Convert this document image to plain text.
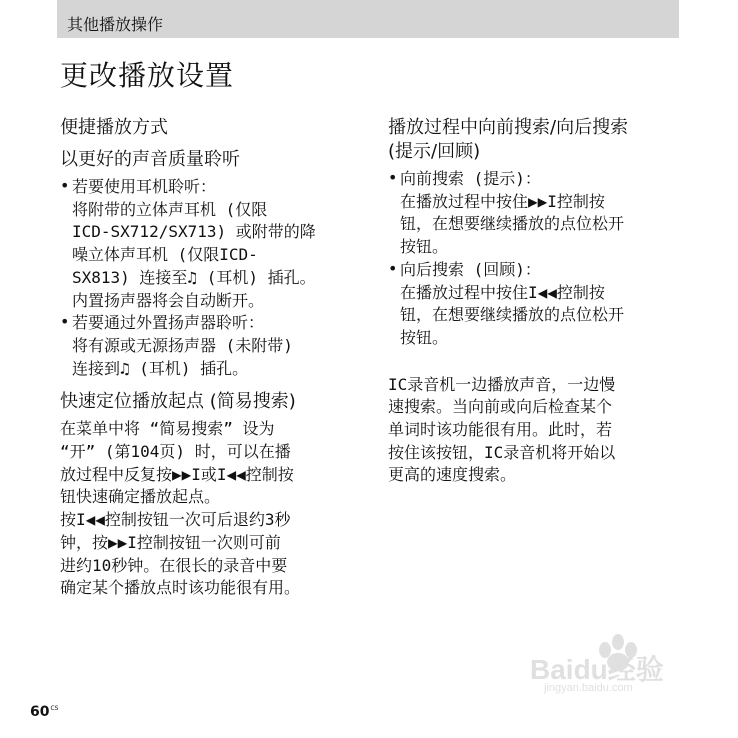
其他播放操作
更改播放设置
便捷播放方式
以更好的声音质量聆听

• 若要使用耳机聆听：

将附带的立体声耳机 (仅限

ICD-SX712/SX713) 或附带的降

噪立体声耳机 (仅限ICD-

SX813) 连接至♫ (耳机) 插孔。

内置扬声器将会自动断开。

• 若要通过外置扬声器聆听：

将有源或无源扬声器 (未附带)

连接到♫ (耳机) 插孔。

快速定位播放起点 (简易搜索)

在菜单中将 “简易搜索” 设为

“开” (第104页) 时，可以在播

放过程中反复按▶▶I或I◀◀控制按

钮快速确定播放起点。

按I◀◀控制按钮一次可后退约3秒

钟，按▶▶I控制按钮一次则可前

进约10秒钟。在很长的录音中要

确定某个播放点时该功能很有用。

播放过程中向前搜索/向后搜索
(提示/回顾)

• 向前搜索 (提示)：

在播放过程中按住▶▶I控制按

钮，在想要继续播放的点位松开

按钮。

• 向后搜索 (回顾)：

在播放过程中按住I◀◀控制按

钮，在想要继续播放的点位松开

按钮。

IC录音机一边播放声音，一边慢

速搜索。当向前或向后检查某个

单词时该功能很有用。此时，若

按住该按钮，IC录音机将开始以

更高的速度搜索。

$60^{CS}$
Baidu经验
jingyan.baidu.com
